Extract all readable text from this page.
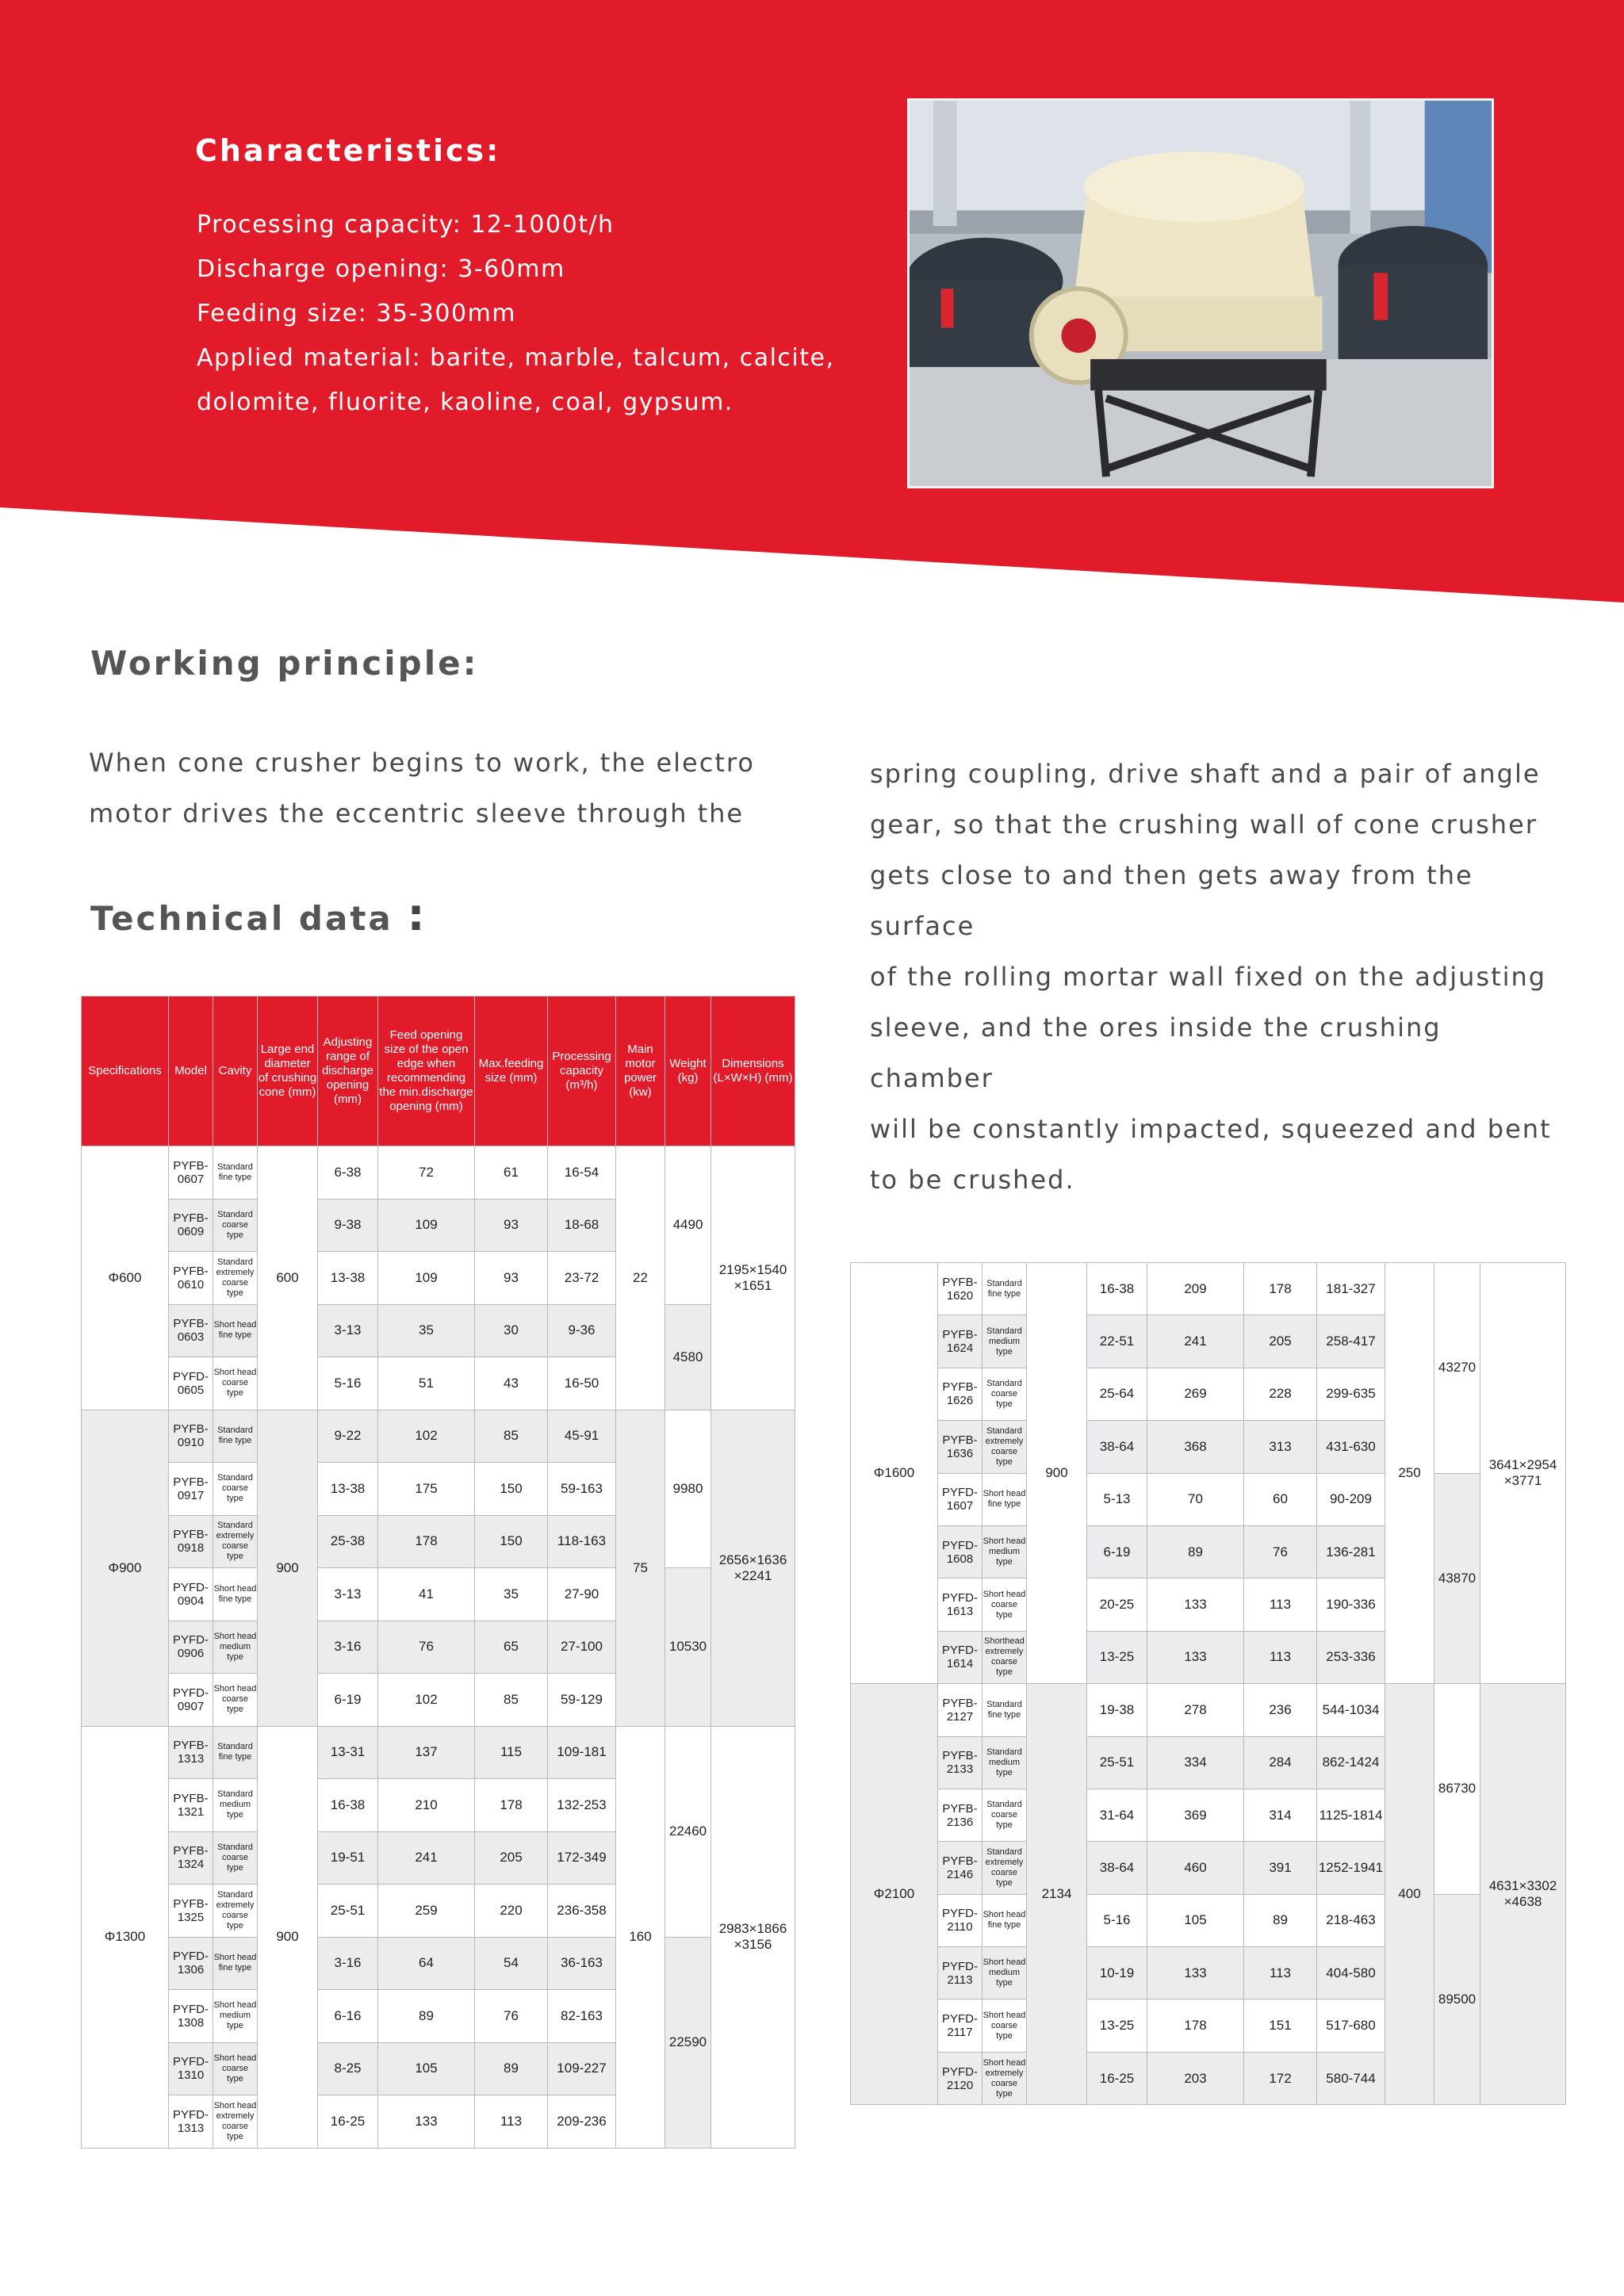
Characteristics:
Processing capacity: 12-1000t/h
Discharge opening: 3-60mm
Feeding size: 35-300mm
Applied material: barite, marble, talcum, calcite,
dolomite, fluorite, kaoline, coal, gypsum.
Working principle:
When cone crusher begins to work, the electro
motor drives the eccentric sleeve through the
spring coupling, drive shaft and a pair of angle
gear, so that the crushing wall of cone crusher
gets close to and then gets away from the surface
of the rolling mortar wall fixed on the adjusting
sleeve, and the ores inside the crushing chamber
will be constantly impacted, squeezed and bent
to be crushed.
Technical data :
Specifications	Model	Cavity	Large end diameter of crushing cone (mm)	Adjusting range of discharge opening (mm)	Feed opening size of the open edge when recommending the min.discharge opening (mm)	Max.feeding size (mm)	Processing capacity (m³/h)	Main motor power (kw)	Weight (kg)	Dimensions (L×W×H) (mm)
Φ600	PYFB-0607	Standard fine type	600	6-38	72	61	16-54	22	4490	2195×1540 ×1651
	PYFB-0609	Standard coarse type		9-38	109	93	18-68			
	PYFB-0610	Standard extremely coarse type		13-38	109	93	23-72			
	PYFB-0603	Short head fine type		3-13	35	30	9-36		4580	
	PYFD-0605	Short head coarse type		5-16	51	43	16-50			
Φ900	PYFB-0910	Standard fine type	900	9-22	102	85	45-91	75	9980	2656×1636 ×2241
	PYFB-0917	Standard coarse type		13-38	175	150	59-163			
	PYFB-0918	Standard extremely coarse type		25-38	178	150	118-163			
	PYFD-0904	Short head fine type		3-13	41	35	27-90		10530	
	PYFD-0906	Short head medium type		3-16	76	65	27-100			
	PYFD-0907	Short head coarse type		6-19	102	85	59-129			
Φ1300	PYFB-1313	Standard fine type	900	13-31	137	115	109-181	160	22460	2983×1866 ×3156
	PYFB-1321	Standard medium type		16-38	210	178	132-253			
	PYFB-1324	Standard coarse type		19-51	241	205	172-349			
	PYFB-1325	Standard extremely coarse type		25-51	259	220	236-358			
	PYFD-1306	Short head fine type		3-16	64	54	36-163		22590	
	PYFD-1308	Short head medium type		6-16	89	76	82-163			
	PYFD-1310	Short head coarse type		8-25	105	89	109-227			
	PYFD-1313	Short head extremely coarse type		16-25	133	113	209-236			
Φ1600	PYFB-1620	Standard fine type	900	16-38	209	178	181-327	250	43270	3641×2954 ×3771
	PYFB-1624	Standard medium type		22-51	241	205	258-417			
	PYFB-1626	Standard coarse type		25-64	269	228	299-635			
	PYFB-1636	Standard extremely coarse type		38-64	368	313	431-630			
	PYFD-1607	Short head fine type		5-13	70	60	90-209		43870	
	PYFD-1608	Short head medium type		6-19	89	76	136-281			
	PYFD-1613	Short head coarse type		20-25	133	113	190-336			
	PYFD-1614	Shorthead extremely coarse type		13-25	133	113	253-336			
Φ2100	PYFB-2127	Standard fine type	2134	19-38	278	236	544-1034	400	86730	4631×3302 ×4638
	PYFB-2133	Standard medium type		25-51	334	284	862-1424			
	PYFB-2136	Standard coarse type		31-64	369	314	1125-1814			
	PYFB-2146	Standard extremely coarse type		38-64	460	391	1252-1941			
	PYFD-2110	Short head fine type		5-16	105	89	218-463		89500	
	PYFD-2113	Short head medium type		10-19	133	113	404-580			
	PYFD-2117	Short head coarse type		13-25	178	151	517-680			
	PYFD-2120	Short head extremely coarse type		16-25	203	172	580-744			
